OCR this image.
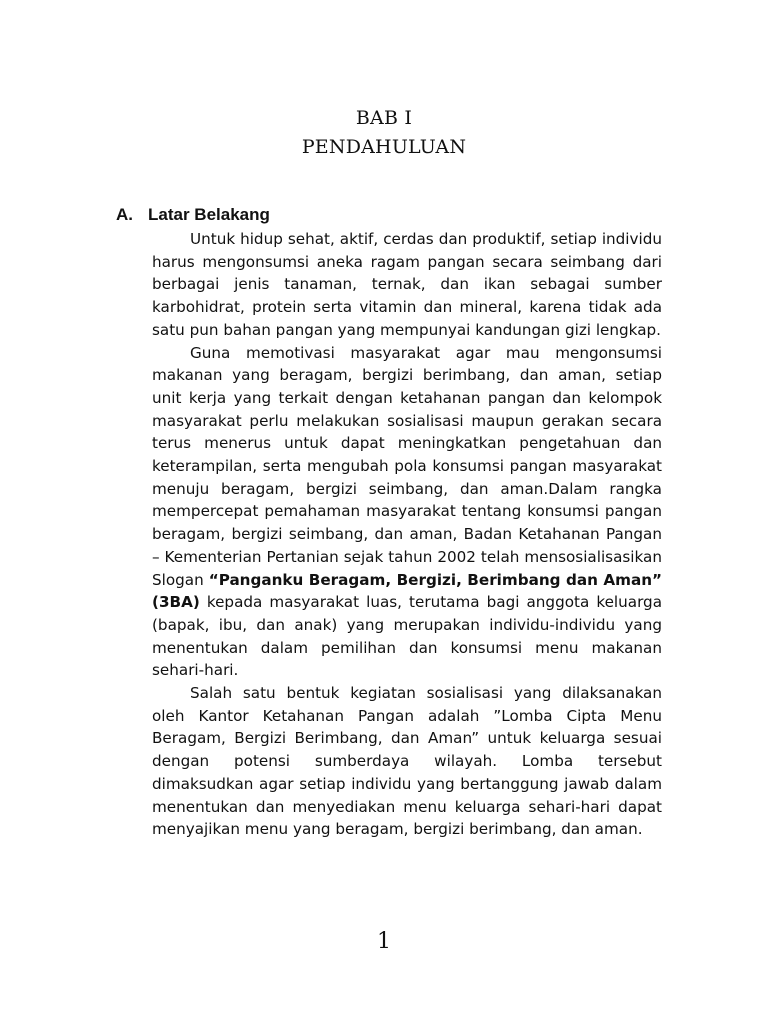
BAB I
PENDAHULUAN
A. Latar Belakang

Untuk hidup sehat, aktif, cerdas dan produktif, setiap individu harus mengonsumsi aneka ragam pangan secara seimbang dari berbagai jenis tanaman, ternak, dan ikan sebagai sumber karbohidrat, protein serta vitamin dan mineral, karena tidak ada satu pun bahan pangan yang mempunyai kandungan gizi lengkap.

Guna memotivasi masyarakat agar mau mengonsumsi makanan yang beragam, bergizi berimbang, dan aman, setiap unit kerja yang terkait dengan ketahanan pangan dan kelompok masyarakat perlu melakukan sosialisasi maupun gerakan secara terus menerus untuk dapat meningkatkan pengetahuan dan keterampilan, serta mengubah pola konsumsi pangan masyarakat menuju beragam, bergizi seimbang, dan aman.Dalam rangka mempercepat pemahaman masyarakat tentang konsumsi pangan beragam, bergizi seimbang, dan aman, Badan Ketahanan Pangan – Kementerian Pertanian sejak tahun 2002 telah mensosialisasikan Slogan “Panganku Beragam, Bergizi, Berimbang dan Aman” (3BA) kepada masyarakat luas, terutama bagi anggota keluarga (bapak, ibu, dan anak) yang merupakan individu-individu yang menentukan dalam pemilihan dan konsumsi menu makanan sehari-hari.

Salah satu bentuk kegiatan sosialisasi yang dilaksanakan oleh Kantor Ketahanan Pangan adalah ”Lomba Cipta Menu Beragam, Bergizi Berimbang, dan Aman” untuk keluarga sesuai dengan potensi sumberdaya wilayah. Lomba tersebut dimaksudkan agar setiap individu yang bertanggung jawab dalam menentukan dan menyediakan menu keluarga sehari-hari dapat menyajikan menu yang beragam, bergizi berimbang, dan aman.

1
